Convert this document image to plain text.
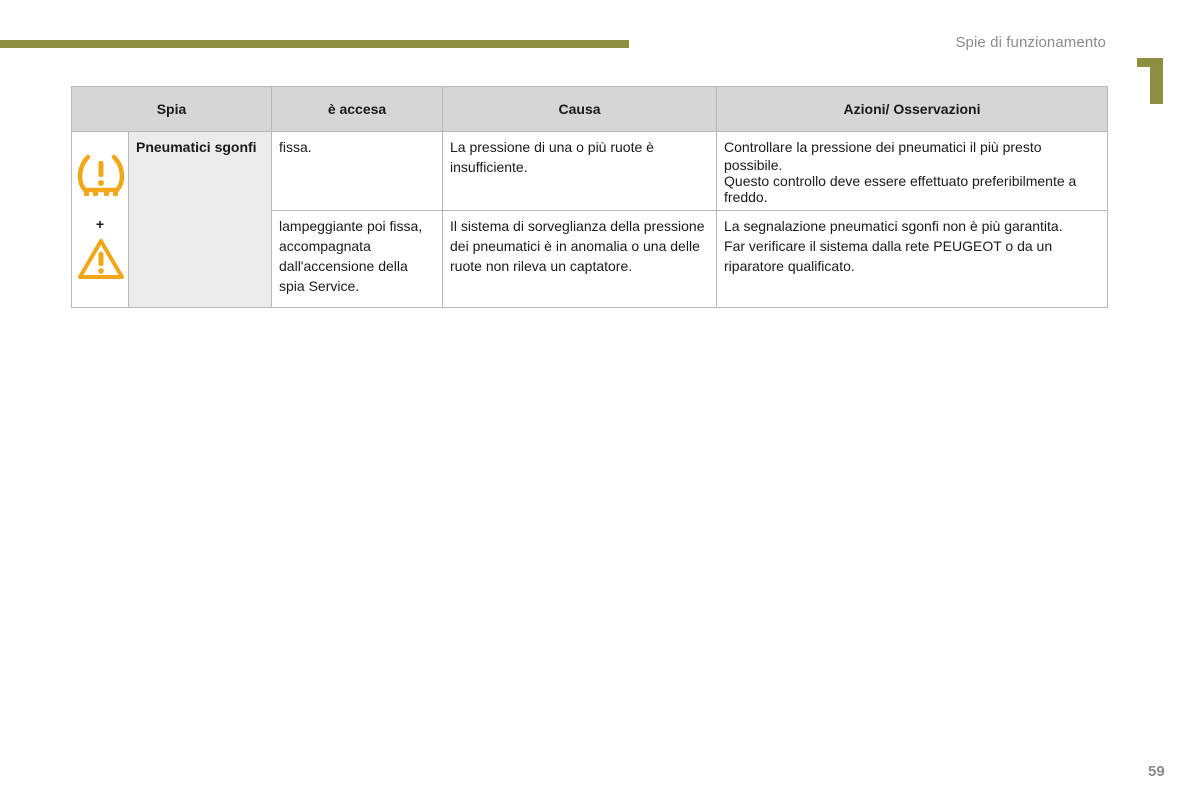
Spie di funzionamento
Spia		è accesa	Causa	Azioni/ Osservazioni

+	Pneumatici sgonfi	fissa.	La pressione di una o più ruote è insufficiente.	Controllare la pressione dei pneumatici il più presto
possibile.
Questo controllo deve essere effettuato preferibilmente a freddo.
		lampeggiante poi fissa, accompagnata dall'accensione della spia Service.	Il sistema di sorveglianza della pressione dei pneumatici è in anomalia o una delle ruote non rileva un captatore.	La segnalazione pneumatici sgonfi non è più garantita.
Far verificare il sistema dalla rete PEUGEOT o da un riparatore qualificato.
59
